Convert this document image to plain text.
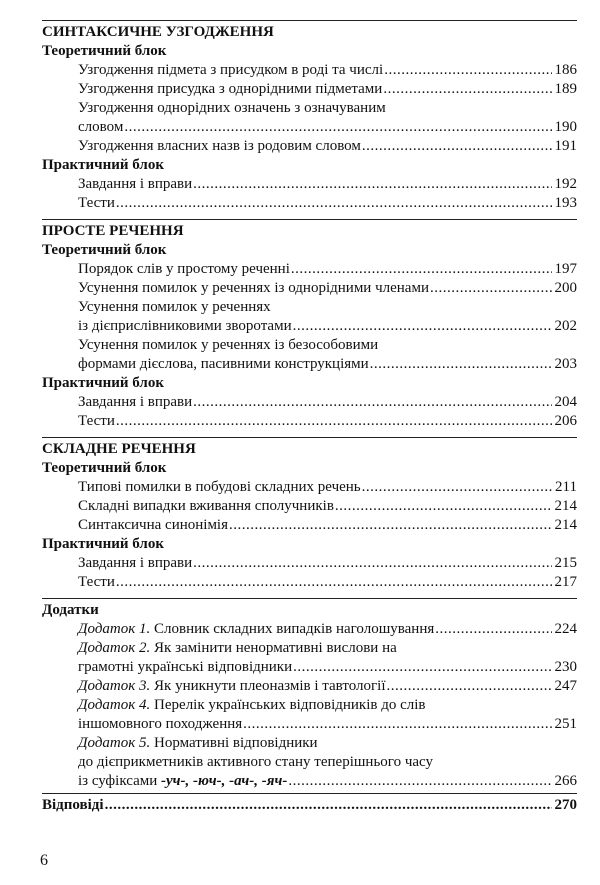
СИНТАКСИЧНЕ УЗГОДЖЕННЯ
Теоретичний блок
Узгодження підмета з присудком в роді та числі .....	186
Узгодження присудка з однорідними підметами .....	189
Узгодження однорідних означень з означуваним
словом .....	190
Узгодження власних назв із родовим словом .....	191
Практичний блок
Завдання і вправи .....	192
Тести .....	193
ПРОСТЕ РЕЧЕННЯ
Теоретичний блок
Порядок слів у простому реченні .....	197
Усунення помилок у реченнях із однорідними членами .....	200
Усунення помилок у реченнях
із дієприслівниковими зворотами .....	202
Усунення помилок у реченнях із безособовими
формами дієслова, пасивними конструкціями .....	203
Практичний блок
Завдання і вправи .....	204
Тести .....	206
СКЛАДНЕ РЕЧЕННЯ
Теоретичний блок
Типові помилки в побудові складних речень .....	211
Складні випадки вживання сполучників .....	214
Синтаксична синонімія .....	214
Практичний блок
Завдання і вправи .....	215
Тести .....	217
Додатки
Додаток 1. Словник складних випадків наголошування .....	224
Додаток 2. Як замінити ненормативні вислови на
грамотні українські відповідники .....	230
Додаток 3. Як уникнути плеоназмів і тавтології .....	247
Додаток 4. Перелік українських відповідників до слів
іншомовного походження .....	251
Додаток 5. Нормативні відповідники
до дієприкметників активного стану теперішнього часу
із суфіксами -уч-, -юч-, -ач-, -яч- .....	266
Відповіді .....	270
6
